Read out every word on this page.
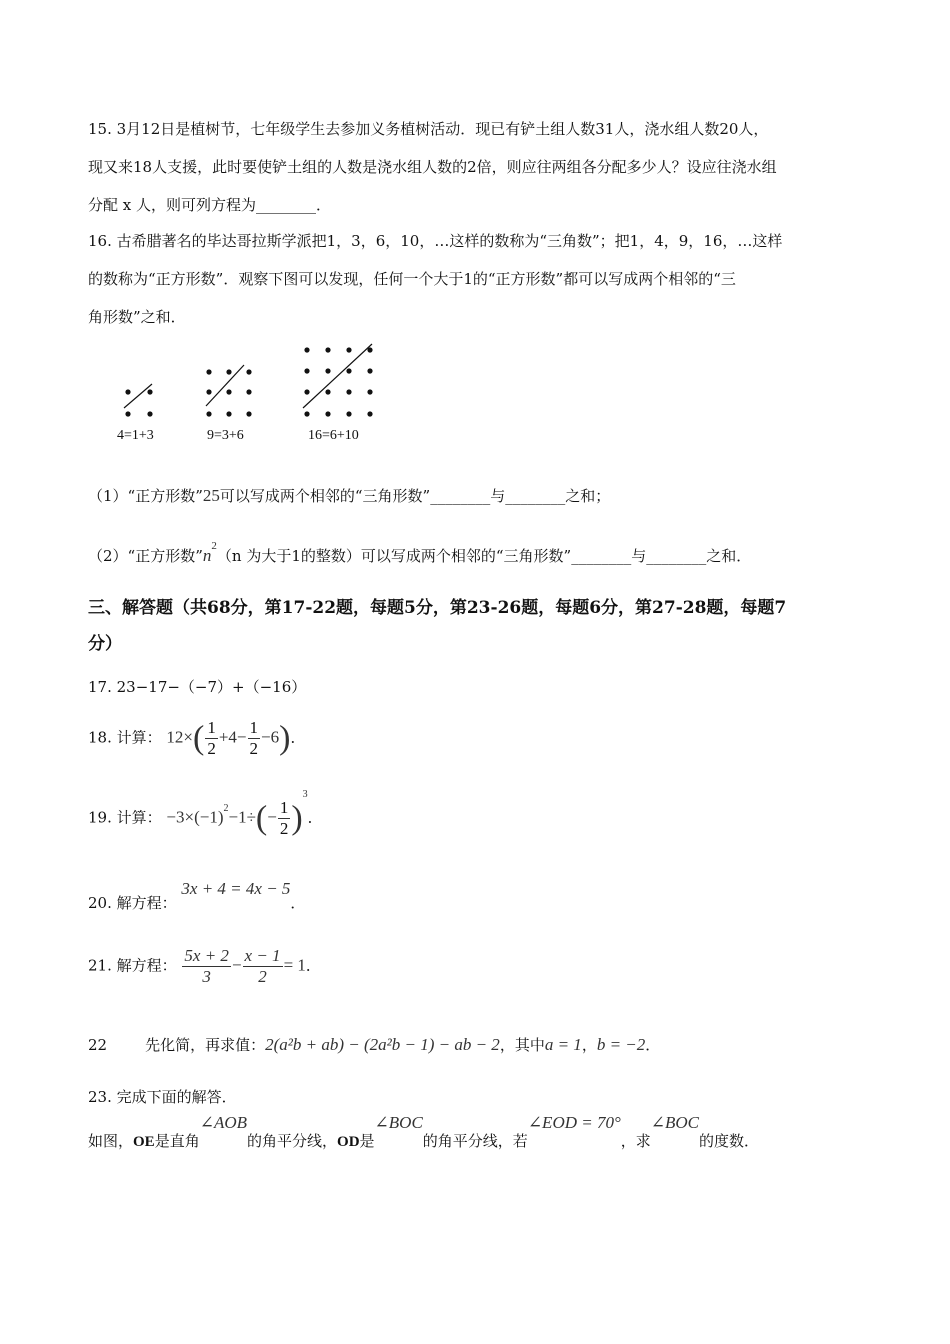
15. 3月12日是植树节，七年级学生去参加义务植树活动．现已有铲土组人数31人，浇水组人数20人，
现又来18人支援，此时要使铲土组的人数是浇水组人数的2倍，则应往两组各分配多少人？设应往浇水组
分配 x 人，则可列方程为________．
16. 古希腊著名的毕达哥拉斯学派把1，3，6，10，…这样的数称为“三角数”；把1，4，9，16，…这样
的数称为“正方形数”．观察下图可以发现，任何一个大于1的“正方形数”都可以写成两个相邻的“三
角形数”之和．
4=1+3	9=3+6	16=6+10
（1）“正方形数”25可以写成两个相邻的“三角形数”________与________之和；
（2）“正方形数$”n^2(n$ 为大于1的整数）可以写成两个相邻的“三角形数”________与________之和．
三、解答题（共68分，第17-22题，每题5分，第23-26题，每题6分，第27-28题，每题7
分）
17. 23−17−（−7）+（−16）
18. 计算： $12\times( \frac{1}{2} +4- \frac{1}{2} -6)$．
19. 计算： $-3\times(-1)^2-1\div(- \frac{1}{2} )^3$．
20. 解方程： 3x + 4 = 4x − 5．
21. 解方程： $\frac{5x + 2}{3} - \frac{x - 1}{2} = 1$．
22	先化简，再求值：2(a²b + ab) − (2a²b − 1) − ab − 2，其中a = 1，b = −2．
23. 完成下面的解答．
如图，OE是直角∠AOB的角平分线，OD是∠BOC的角平分线，若∠EOD = 70°，求∠BOC的度数．
